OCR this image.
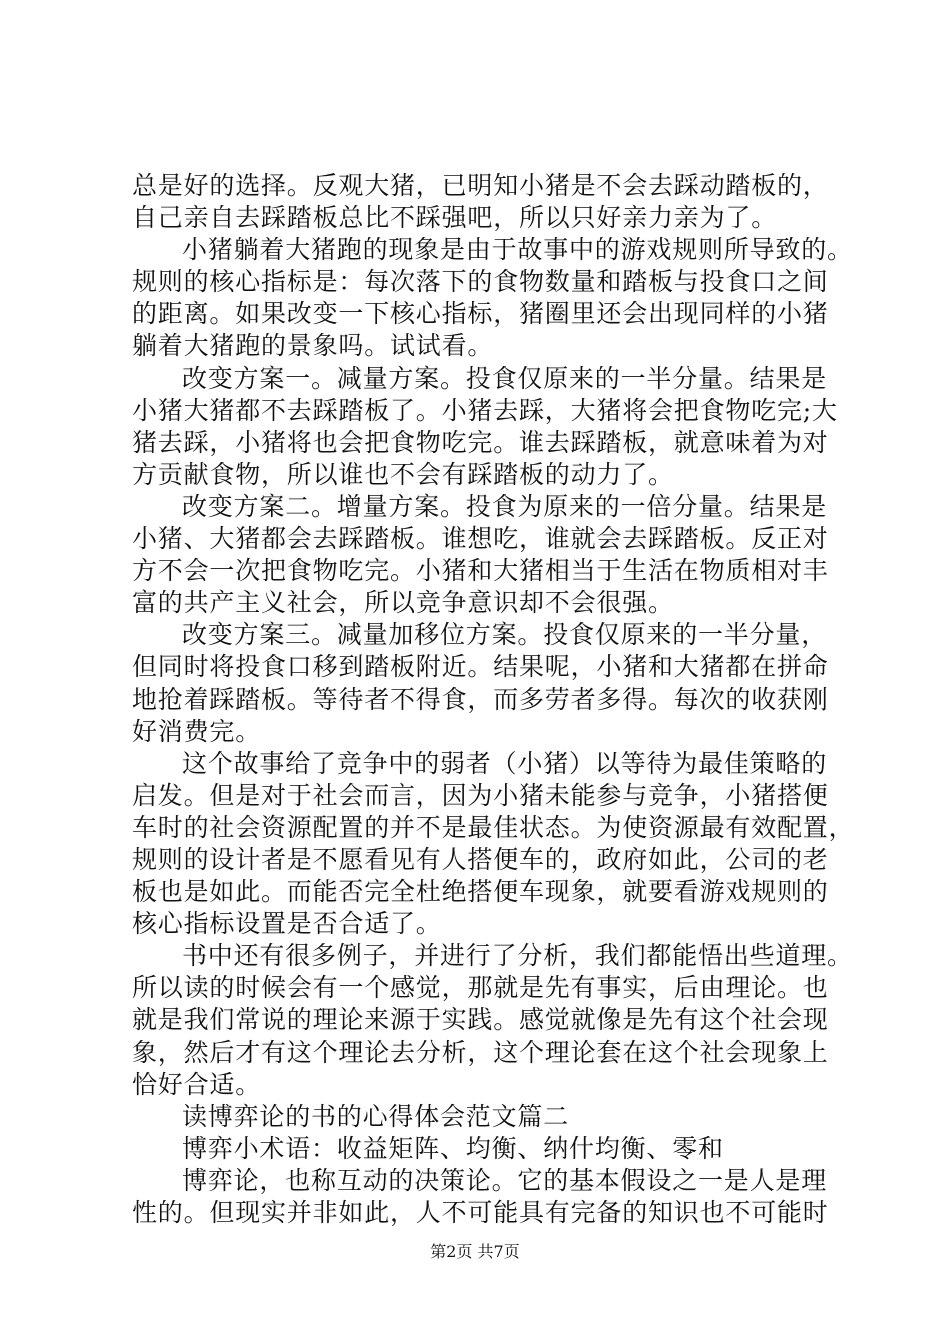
总是好的选择。反观大猪，已明知小猪是不会去踩动踏板的，
自己亲自去踩踏板总比不踩强吧，所以只好亲力亲为了。
小猪躺着大猪跑的现象是由于故事中的游戏规则所导致的。
规则的核心指标是：每次落下的食物数量和踏板与投食口之间
的距离。如果改变一下核心指标，猪圈里还会出现同样的小猪
躺着大猪跑的景象吗。试试看。
改变方案一。减量方案。投食仅原来的一半分量。结果是
小猪大猪都不去踩踏板了。小猪去踩，大猪将会把食物吃完;大
猪去踩，小猪将也会把食物吃完。谁去踩踏板，就意味着为对
方贡献食物，所以谁也不会有踩踏板的动力了。
改变方案二。增量方案。投食为原来的一倍分量。结果是
小猪、大猪都会去踩踏板。谁想吃，谁就会去踩踏板。反正对
方不会一次把食物吃完。小猪和大猪相当于生活在物质相对丰
富的共产主义社会，所以竞争意识却不会很强。
改变方案三。减量加移位方案。投食仅原来的一半分量，
但同时将投食口移到踏板附近。结果呢，小猪和大猪都在拼命
地抢着踩踏板。等待者不得食，而多劳者多得。每次的收获刚
好消费完。
这个故事给了竞争中的弱者（小猪）以等待为最佳策略的
启发。但是对于社会而言，因为小猪未能参与竞争，小猪搭便
车时的社会资源配置的并不是最佳状态。为使资源最有效配置，
规则的设计者是不愿看见有人搭便车的，政府如此，公司的老
板也是如此。而能否完全杜绝搭便车现象，就要看游戏规则的
核心指标设置是否合适了。
书中还有很多例子，并进行了分析，我们都能悟出些道理。
所以读的时候会有一个感觉，那就是先有事实，后由理论。也
就是我们常说的理论来源于实践。感觉就像是先有这个社会现
象，然后才有这个理论去分析，这个理论套在这个社会现象上
恰好合适。
读博弈论的书的心得体会范文篇二
博弈小术语：收益矩阵、均衡、纳什均衡、零和
博弈论，也称互动的决策论。它的基本假设之一是人是理
性的。但现实并非如此，人不可能具有完备的知识也不可能时
第2页 共7页
